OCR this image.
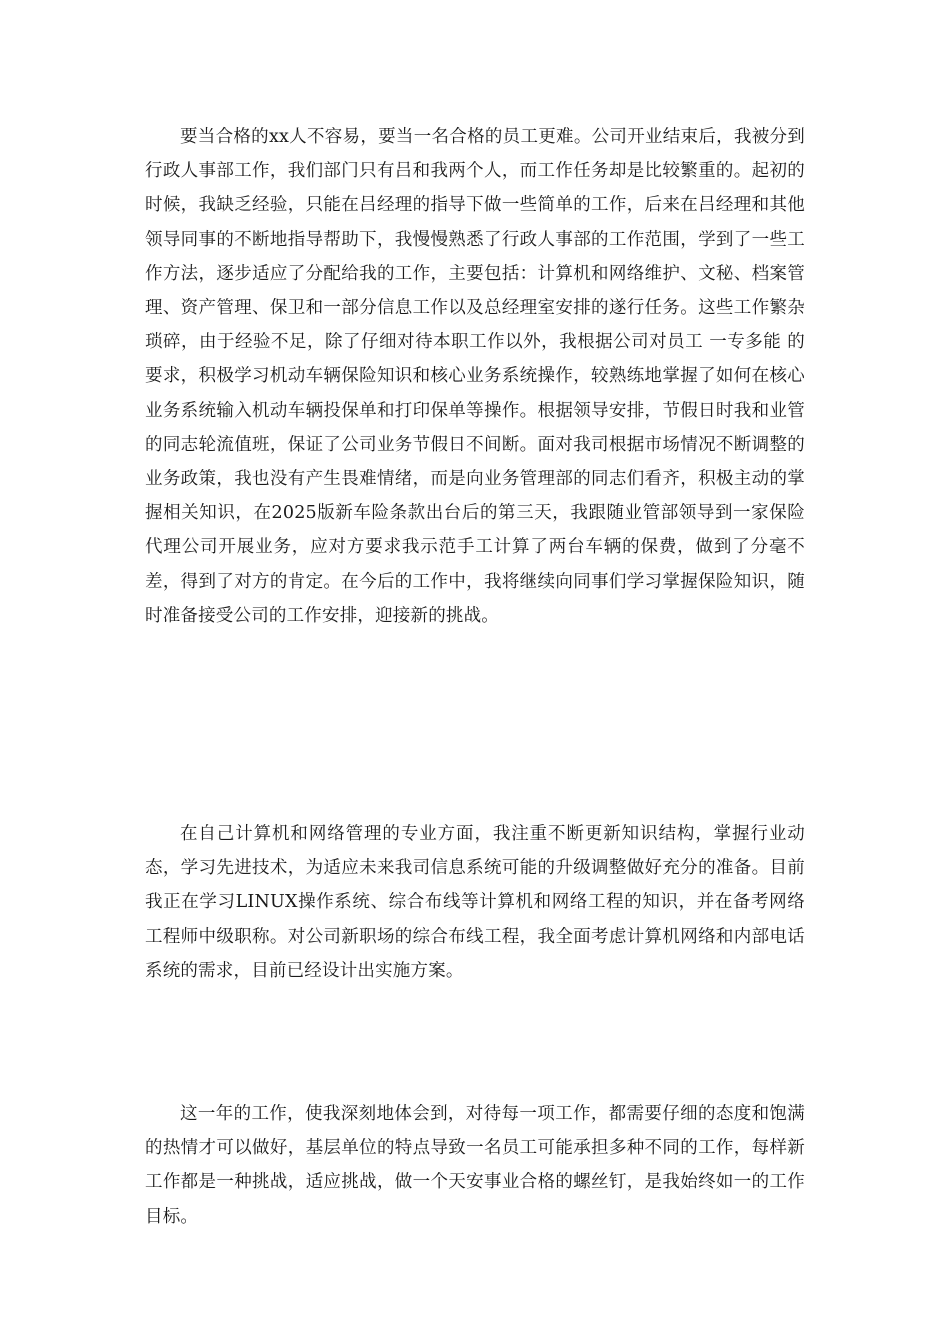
要当合格的xx人不容易，要当一名合格的员工更难。公司开业结束后，我被分到行政人事部工作，我们部门只有吕和我两个人，而工作任务却是比较繁重的。起初的时候，我缺乏经验，只能在吕经理的指导下做一些简单的工作，后来在吕经理和其他领导同事的不断地指导帮助下，我慢慢熟悉了行政人事部的工作范围，学到了一些工作方法，逐步适应了分配给我的工作，主要包括：计算机和网络维护、文秘、档案管理、资产管理、保卫和一部分信息工作以及总经理室安排的遂行任务。这些工作繁杂琐碎，由于经验不足，除了仔细对待本职工作以外，我根据公司对员工 一专多能 的要求，积极学习机动车辆保险知识和核心业务系统操作，较熟练地掌握了如何在核心业务系统输入机动车辆投保单和打印保单等操作。根据领导安排，节假日时我和业管的同志轮流值班，保证了公司业务节假日不间断。面对我司根据市场情况不断调整的业务政策，我也没有产生畏难情绪，而是向业务管理部的同志们看齐，积极主动的掌握相关知识，在2025版新车险条款出台后的第三天，我跟随业管部领导到一家保险代理公司开展业务，应对方要求我示范手工计算了两台车辆的保费，做到了分毫不差，得到了对方的肯定。在今后的工作中，我将继续向同事们学习掌握保险知识，随时准备接受公司的工作安排，迎接新的挑战。

在自己计算机和网络管理的专业方面，我注重不断更新知识结构，掌握行业动态，学习先进技术，为适应未来我司信息系统可能的升级调整做好充分的准备。目前我正在学习LINUX操作系统、综合布线等计算机和网络工程的知识，并在备考网络工程师中级职称。对公司新职场的综合布线工程，我全面考虑计算机网络和内部电话系统的需求，目前已经设计出实施方案。

这一年的工作，使我深刻地体会到，对待每一项工作，都需要仔细的态度和饱满的热情才可以做好，基层单位的特点导致一名员工可能承担多种不同的工作，每样新工作都是一种挑战，适应挑战，做一个天安事业合格的螺丝钉，是我始终如一的工作目标。
